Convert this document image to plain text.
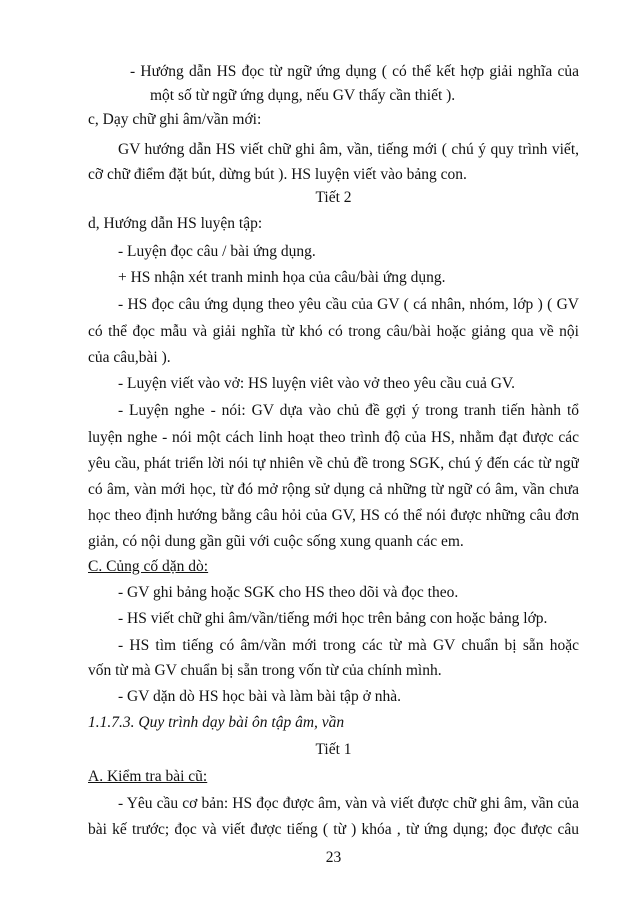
- Hướng dẫn HS đọc từ ngữ ứng dụng ( có thể kết hợp giải nghĩa của
một số từ ngữ ứng dụng, nếu GV thấy cần thiết ).
c, Dạy chữ ghi âm/vần mới:
GV hướng dẫn HS viết chữ ghi âm, vần, tiếng mới ( chú ý quy trình viết,
cỡ chữ điểm đặt bút, dừng bút ). HS luyện viết vào bảng con.
Tiết 2
d, Hướng dẫn HS luyện tập:
- Luyện đọc câu / bài ứng dụng.
+ HS nhận xét tranh minh họa của câu/bài ứng dụng.
- HS đọc câu ứng dụng theo yêu cầu của GV ( cá nhân, nhóm, lớp ) ( GV
có thể đọc mẫu và giải nghĩa từ khó có trong câu/bài hoặc giảng qua về nội
của câu,bài ).
- Luyện viết vào vở: HS luyện viêt vào vở theo yêu cầu cuả GV.
- Luyện nghe - nói: GV dựa vào chủ đề gợi ý trong tranh tiến hành tổ
luyện nghe - nói một cách linh hoạt theo trình độ của HS, nhằm đạt được các
yêu cầu, phát triển lời nói tự nhiên về chủ đề trong SGK, chú ý đến các từ ngữ
có âm, vàn mới học, từ đó mở rộng sử dụng cả những từ ngữ có âm, vần chưa
học theo định hướng bằng câu hỏi của GV, HS có thể nói được những câu đơn
giản, có nội dung gần gũi với cuộc sống xung quanh các em.
C. Củng cố dặn dò:
- GV ghi bảng hoặc SGK cho HS theo dõi và đọc theo.
- HS viết chữ ghi âm/vần/tiếng mới học trên bảng con hoặc bảng lớp.
- HS tìm tiếng có âm/vần mới trong các từ mà GV chuẩn bị sẵn hoặc
vốn từ mà GV chuẩn bị sẵn trong vốn từ của chính mình.
- GV dặn dò HS học bài và làm bài tập ở nhà.
1.1.7.3. Quy trình dạy bài ôn tập âm, vần
Tiết 1
A. Kiểm tra bài cũ:
- Yêu cầu cơ bản: HS đọc được âm, vàn và viết được chữ ghi âm, vần của
bài kế trước; đọc và viết được tiếng ( từ ) khóa , từ ứng dụng; đọc được câu
23
